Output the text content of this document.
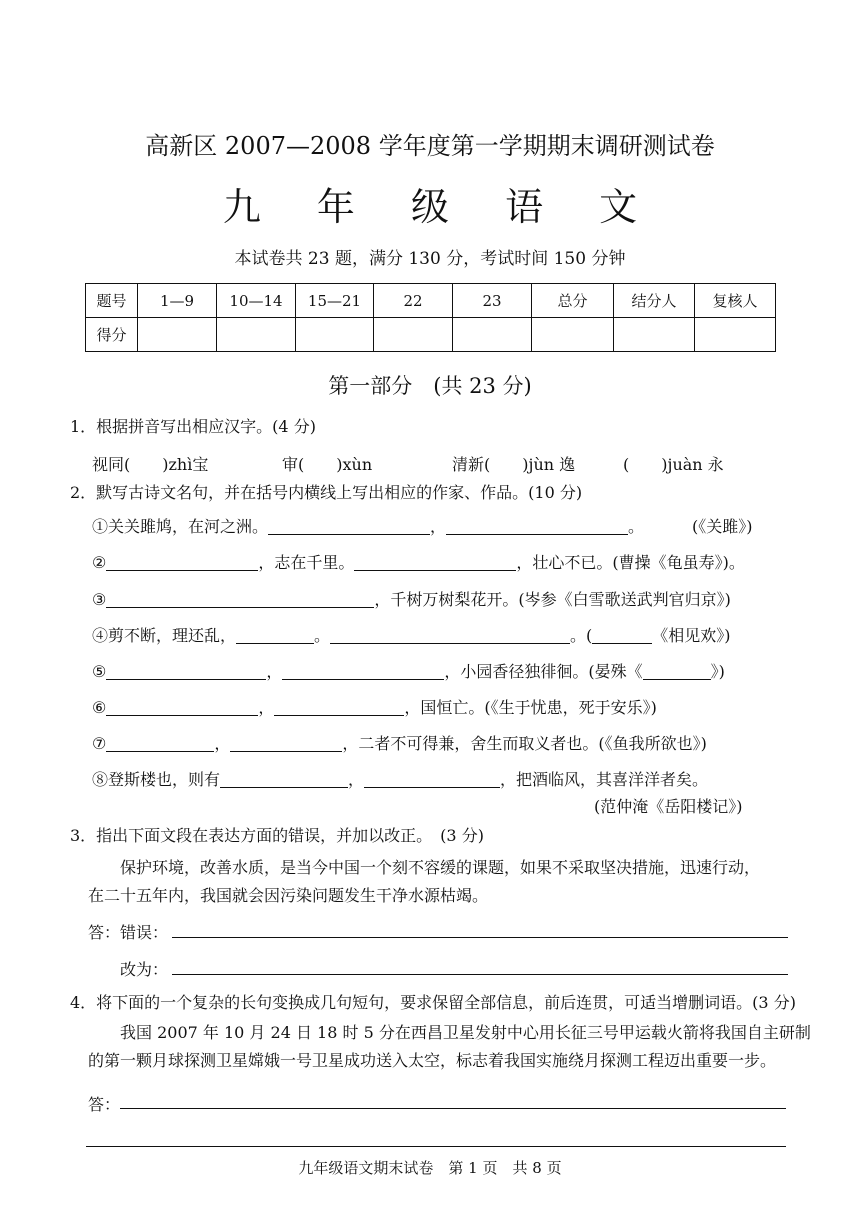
高新区 2007—2008 学年度第一学期期末调研测试卷
九 年 级 语 文
本试卷共 23 题，满分 130 分，考试时间 150 分钟
题号	1—9	10—14	15—21	22	23	总分	结分人	复核人
得分								
第一部分　(共 23 分)
1．根据拼音写出相应汉字。(4 分)
视同(　　)zhì宝	审(　　)xùn	清新(　　)jùn 逸	(　　)juàn 永
2．默写古诗文名句，并在括号内横线上写出相应的作家、作品。(10 分)
①关关雎鸠，在河之洲。	，	。	(《关雎》)
②	，志在千里。	，壮心不已。(曹操《龟虽寿》)。
③	，千树万树梨花开。(岑参《白雪歌送武判官归京》)
④剪不断，理还乱，	。	。(	《相见欢》)
⑤	，	，小园香径独徘徊。(晏殊《	》)
⑥	，	，国恒亡。(《生于忧患，死于安乐》)
⑦	，	，二者不可得兼，舍生而取义者也。(《鱼我所欲也》)
⑧登斯楼也，则有	，	，把酒临风，其喜洋洋者矣。
(范仲淹《岳阳楼记》)
3．指出下面文段在表达方面的错误，并加以改正。　(3 分)
保护环境，改善水质，是当今中国一个刻不容缓的课题，如果不采取坚决措施，迅速行动，
在二十五年内，我国就会因污染问题发生干净水源枯竭。
答：错误：
改为：
4．将下面的一个复杂的长句变换成几句短句，要求保留全部信息，前后连贯，可适当增删词语。(3 分)
我国 2007 年 10 月 24 日 18 时 5 分在西昌卫星发射中心用长征三号甲运载火箭将我国自主研制
的第一颗月球探测卫星嫦娥一号卫星成功送入太空，标志着我国实施绕月探测工程迈出重要一步。
答：
九年级语文期末试卷　第 1 页　共 8 页
